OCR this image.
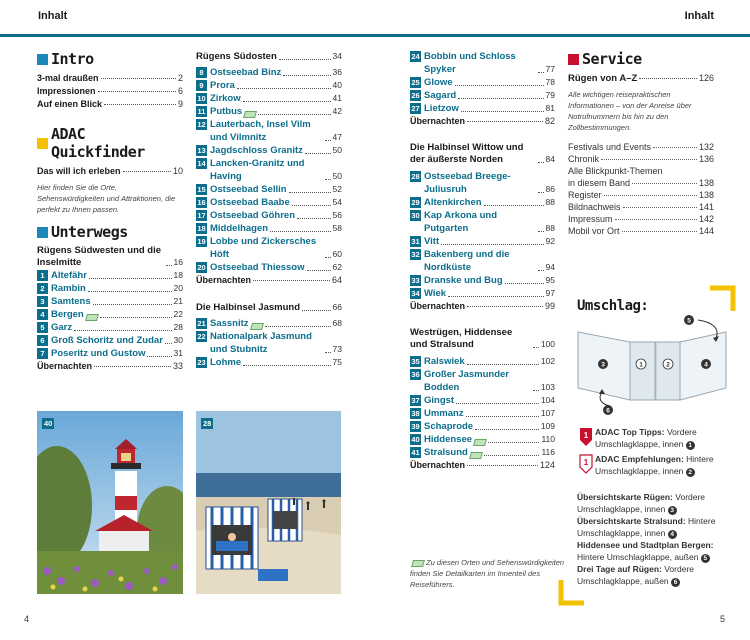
Inhalt	Inhalt
Intro
3-mal draußen	2
Impressionen	6
Auf einen Blick	9
ADAC Quickfinder
Das will ich erleben	10
Hier finden Sie die Orte, Sehenswürdigkeiten und Attraktionen, die perfekt zu Ihnen passen.
Unterwegs
Rügens Südwesten und die Inselmitte	16
1 Altefähr	18
2 Rambin	20
3 Samtens	21
4 Bergen	22
5 Garz	28
6 Groß Schoritz und Zudar 30
7 Poseritz und Gustow	31
Übernachten	33
Rügens Südosten	34
8 Ostseebad Binz	36
9 Prora	40
10 Zirkow	41
11 Putbus	42
12 Lauterbach, Insel Vilm und Vilmnitz	47
13 Jagdschloss Granitz	50
14 Lancken-Granitz und Having	50
15 Ostseebad Sellin	52
16 Ostseebad Baabe	54
17 Ostseebad Göhren	56
18 Middelhagen	58
19 Lobbe und Zickersches Höft	60
20 Ostseebad Thiessow	62
Übernachten	64
Die Halbinsel Jasmund	66
21 Sassnitz	68
22 Nationalpark Jasmund und Stubnitz	73
23 Lohme	75
24 Bobbin und Schloss Spyker	77
25 Glowe	78
26 Sagard	79
27 Lietzow	81
Übernachten	82
Die Halbinsel Wittow und der äußerste Norden	84
28 Ostseebad Breege-Juliusruh	86
29 Altenkirchen	88
30 Kap Arkona und Putgarten	88
31 Vitt	92
32 Bakenberg und die Nordküste	94
33 Dranske und Bug	95
34 Wiek	97
Übernachten	99
Westrügen, Hiddensee und Stralsund	100
35 Ralswiek	102
36 Großer Jasmunder Bodden	103
37 Gingst	104
38 Ummanz	107
39 Schaprode	109
40 Hiddensee	110
41 Stralsund	116
Übernachten	124
Zu diesen Orten und Sehenswürdigkeiten finden Sie Detailkarten im Innenteil des Reiseführers.
Service
Rügen von A–Z	126
Alle wichtigen reisepraktischen Informationen – von der Anreise über Notrufnummern bis hin zu den Zollbestimmungen.
Festivals und Events	132
Chronik	136
Alle Blickpunkt-Themen
in diesem Band	138
Register	138
Bildnachweis	141
Impressum	142
Mobil vor Ort	144
Umschlag:
5
3	1	2	4
6
1 ADAC Top Tipps: Vordere Umschlagklappe, innen 1
1 ADAC Empfehlungen: Hintere Umschlagklappe, innen 2
Übersichtskarte Rügen: Vordere Umschlagklappe, innen 3
Übersichtskarte Stralsund: Hintere Umschlagklappe, innen 4
Hiddensee und Stadtplan Bergen: Hintere Umschlagklappe, außen 5
Drei Tage auf Rügen: Vordere Umschlagklappe, außen 6
40	28
4	5
